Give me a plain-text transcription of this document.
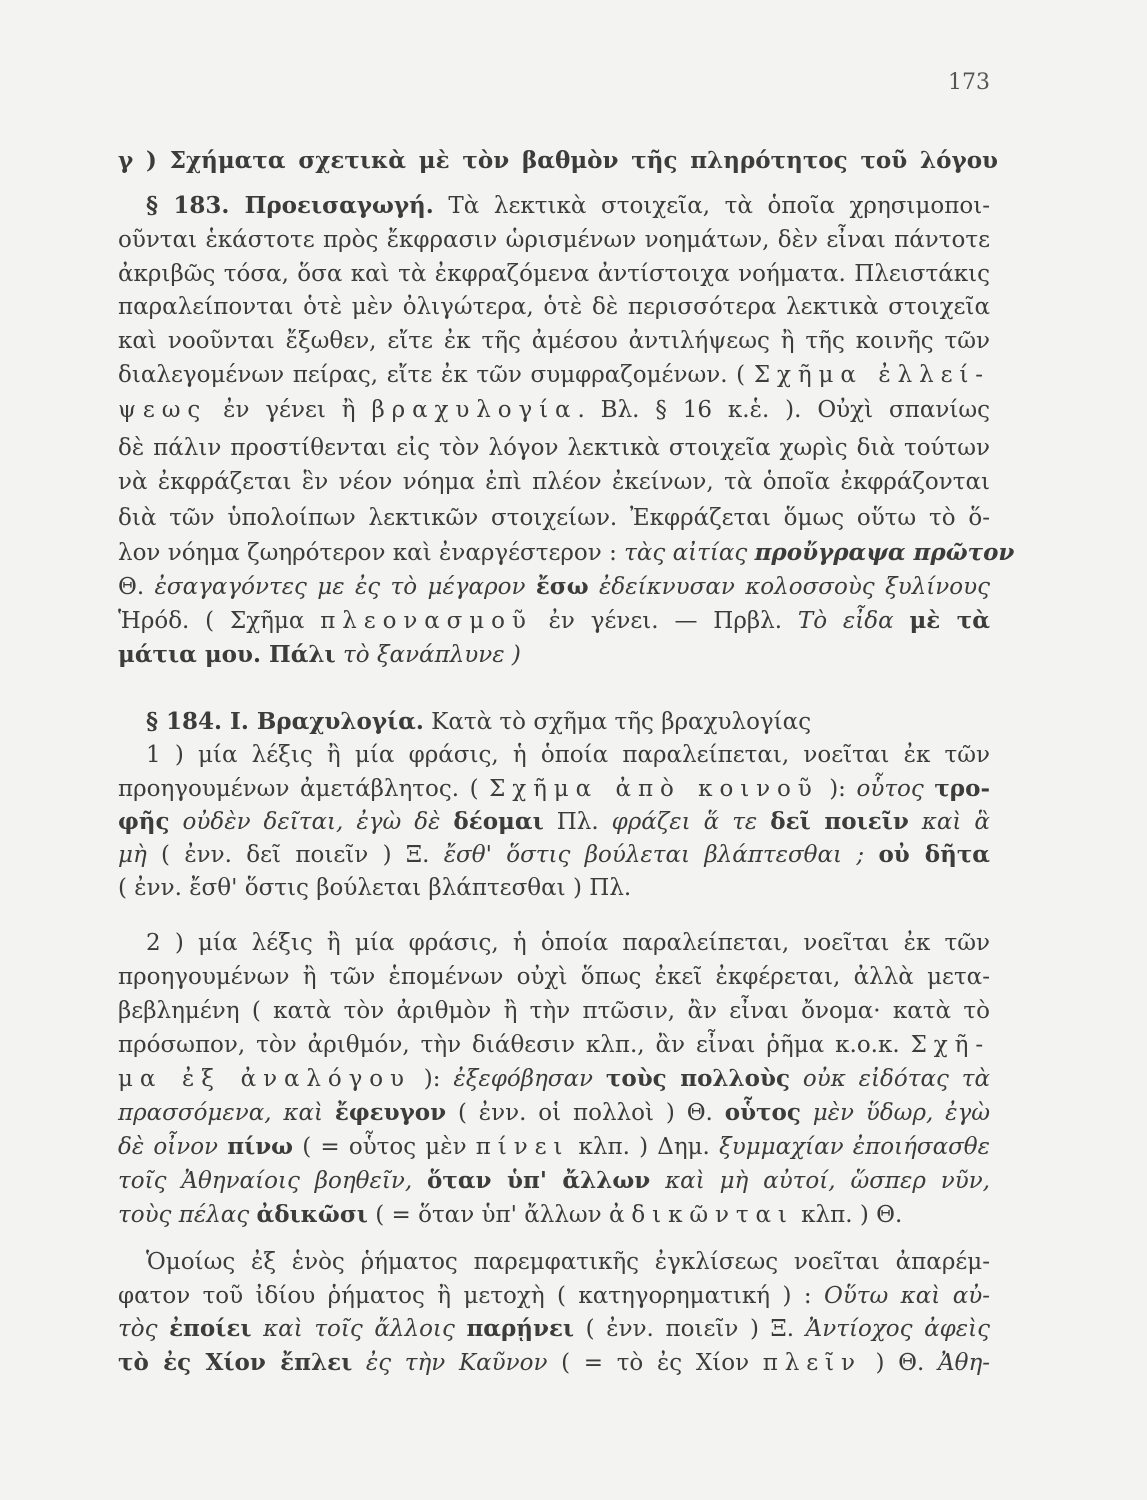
173
γ ) Σχήματα σχετικὰ μὲ τὸν βαθμὸν τῆς πληρότητος τοῦ λόγου
§ 183. Προεισαγωγή. Τὰ λεκτικὰ στοιχεῖα, τὰ ὁποῖα χρησιμοποι-
οῦνται ἑκάστοτε πρὸς ἔκφρασιν ὡρισμένων νοημάτων, δὲν εἶναι πάντοτε
ἀκριβῶς τόσα, ὅσα καὶ τὰ ἐκφραζόμενα ἀντίστοιχα νοήματα. Πλειστάκις
παραλείπονται ὁτὲ μὲν ὀλιγώτερα, ὁτὲ δὲ περισσότερα λεκτικὰ στοιχεῖα
καὶ νοοῦνται ἔξωθεν, εἴτε ἐκ τῆς ἀμέσου ἀντιλήψεως ἢ τῆς κοινῆς τῶν
διαλεγομένων πείρας, εἴτε ἐκ τῶν συμφραζομένων. ( Σχῆμα ἐλλεί-
ψεως ἐν γένει ἢ βραχυλογία. Βλ. § 16 κ.ἑ. ). Οὐχὶ σπανίως
δὲ πάλιν προστίθενται εἰς τὸν λόγον λεκτικὰ στοιχεῖα χωρὶς διὰ τούτων
νὰ ἐκφράζεται ἓν νέον νόημα ἐπὶ πλέον ἐκείνων, τὰ ὁποῖα ἐκφράζονται
διὰ τῶν ὑπολοίπων λεκτικῶν στοιχείων. Ἐκφράζεται ὅμως οὕτω τὸ ὅ-
λον νόημα ζωηρότερον καὶ ἐναργέστερον : τὰς αἰτίας προὔγραψα πρῶτον
Θ. ἐσαγαγόντες με ἐς τὸ μέγαρον ἔσω ἐδείκνυσαν κολοσσοὺς ξυλίνους
Ἡρόδ. ( Σχῆμα πλεονασμοῦ ἐν γένει. — Πρβλ. Τὸ εἶδα μὲ τὰ
μάτια μου. Πάλι τὸ ξανάπλυνε )
§ 184. Ι. Βραχυλογία. Κατὰ τὸ σχῆμα τῆς βραχυλογίας
1 ) μία λέξις ἢ μία φράσις, ἡ ὁποία παραλείπεται, νοεῖται ἐκ τῶν
προηγουμένων ἀμετάβλητος. ( Σχῆμα ἀπὸ κοινοῦ ): οὗτος τρο-
φῆς οὐδὲν δεῖται, ἐγὼ δὲ δέομαι Πλ. φράζει ἅ τε δεῖ ποιεῖν καὶ ἃ
μὴ ( ἐνν. δεῖ ποιεῖν ) Ξ. ἔσθ' ὅστις βούλεται βλάπτεσθαι ; οὐ δῆτα
( ἐνν. ἔσθ' ὅστις βούλεται βλάπτεσθαι ) Πλ.
2 ) μία λέξις ἢ μία φράσις, ἡ ὁποία παραλείπεται, νοεῖται ἐκ τῶν
προηγουμένων ἢ τῶν ἑπομένων οὐχὶ ὅπως ἐκεῖ ἐκφέρεται, ἀλλὰ μετα-
βεβλημένη ( κατὰ τὸν ἀριθμὸν ἢ τὴν πτῶσιν, ἂν εἶναι ὄνομα· κατὰ τὸ
πρόσωπον, τὸν ἀριθμόν, τὴν διάθεσιν κλπ., ἂν εἶναι ῥῆμα κ.ο.κ. Σχῆ-
μα ἐξ ἀναλόγου ): ἐξεφόβησαν τοὺς πολλοὺς οὐκ εἰδότας τὰ
πρασσόμενα, καὶ ἔφευγον ( ἐνν. οἱ πολλοὶ ) Θ. οὗτος μὲν ὕδωρ, ἐγὼ
δὲ οἶνον πίνω ( = οὗτος μὲν πίνει κλπ. ) Δημ. ξυμμαχίαν ἐποιήσασθε
τοῖς Ἀθηναίοις βοηθεῖν, ὅταν ὑπ' ἄλλων καὶ μὴ αὐτοί, ὥσπερ νῦν,
τοὺς πέλας ἀδικῶσι ( = ὅταν ὑπ' ἄλλων ἀδικῶνται κλπ. ) Θ.
Ὁμοίως ἐξ ἑνὸς ῥήματος παρεμφατικῆς ἐγκλίσεως νοεῖται ἀπαρέμ-
φατον τοῦ ἰδίου ῥήματος ἢ μετοχὴ ( κατηγορηματική ) : Οὕτω καὶ αὐ-
τὸς ἐποίει καὶ τοῖς ἄλλοις παρῄνει ( ἐνν. ποιεῖν ) Ξ. Ἀντίοχος ἀφεὶς
τὸ ἐς Χίον ἔπλει ἐς τὴν Καῦνον ( = τὸ ἐς Χίον πλεῖν ) Θ. Ἀθη-
